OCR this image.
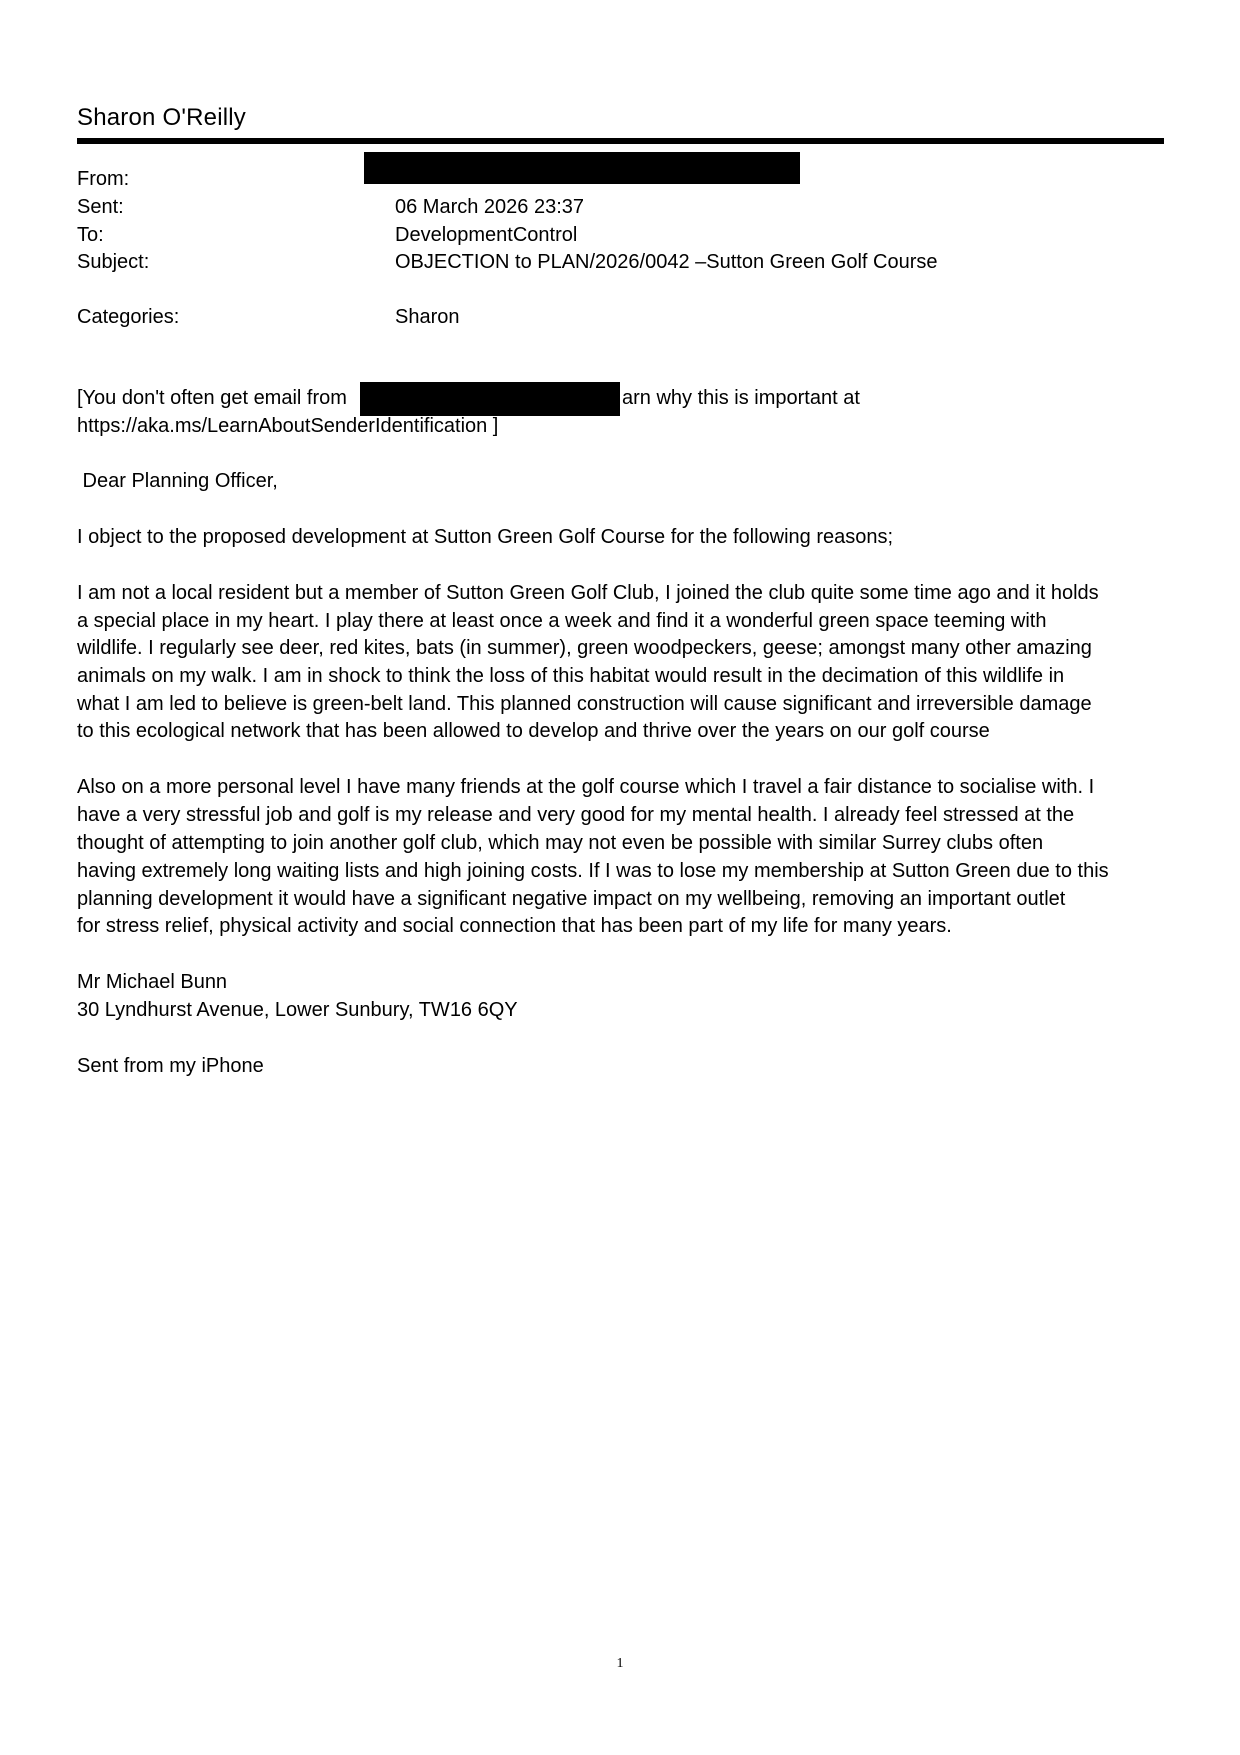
Sharon O'Reilly
From:
Sent:	06 March 2026 23:37
To:	DevelopmentControl
Subject:	OBJECTION to PLAN/2026/0042 –Sutton Green Golf Course
Categories:	Sharon
[You don't often get email from	arn why this is important at
https://aka.ms/LearnAboutSenderIdentification ]
Dear Planning Officer,
I object to the proposed development at Sutton Green Golf Course for the following reasons;
I am not a local resident but a member of Sutton Green Golf Club, I joined the club quite some time ago and it holds
a special place in my heart. I play there at least once a week and find it a wonderful green space teeming with
wildlife. I regularly see deer, red kites, bats (in summer), green woodpeckers, geese; amongst many other amazing
animals on my walk. I am in shock to think the loss of this habitat would result in the decimation of this wildlife in
what I am led to believe is green-belt land. This planned construction will cause significant and irreversible damage
to this ecological network that has been allowed to develop and thrive over the years on our golf course
Also on a more personal level I have many friends at the golf course which I travel a fair distance to socialise with. I
have a very stressful job and golf is my release and very good for my mental health. I already feel stressed at the
thought of attempting to join another golf club, which may not even be possible with similar Surrey clubs often
having extremely long waiting lists and high joining costs. If I was to lose my membership at Sutton Green due to this
planning development it would have a significant negative impact on my wellbeing, removing an important outlet
for stress relief, physical activity and social connection that has been part of my life for many years.
Mr Michael Bunn
30 Lyndhurst Avenue, Lower Sunbury, TW16 6QY
Sent from my iPhone
1
